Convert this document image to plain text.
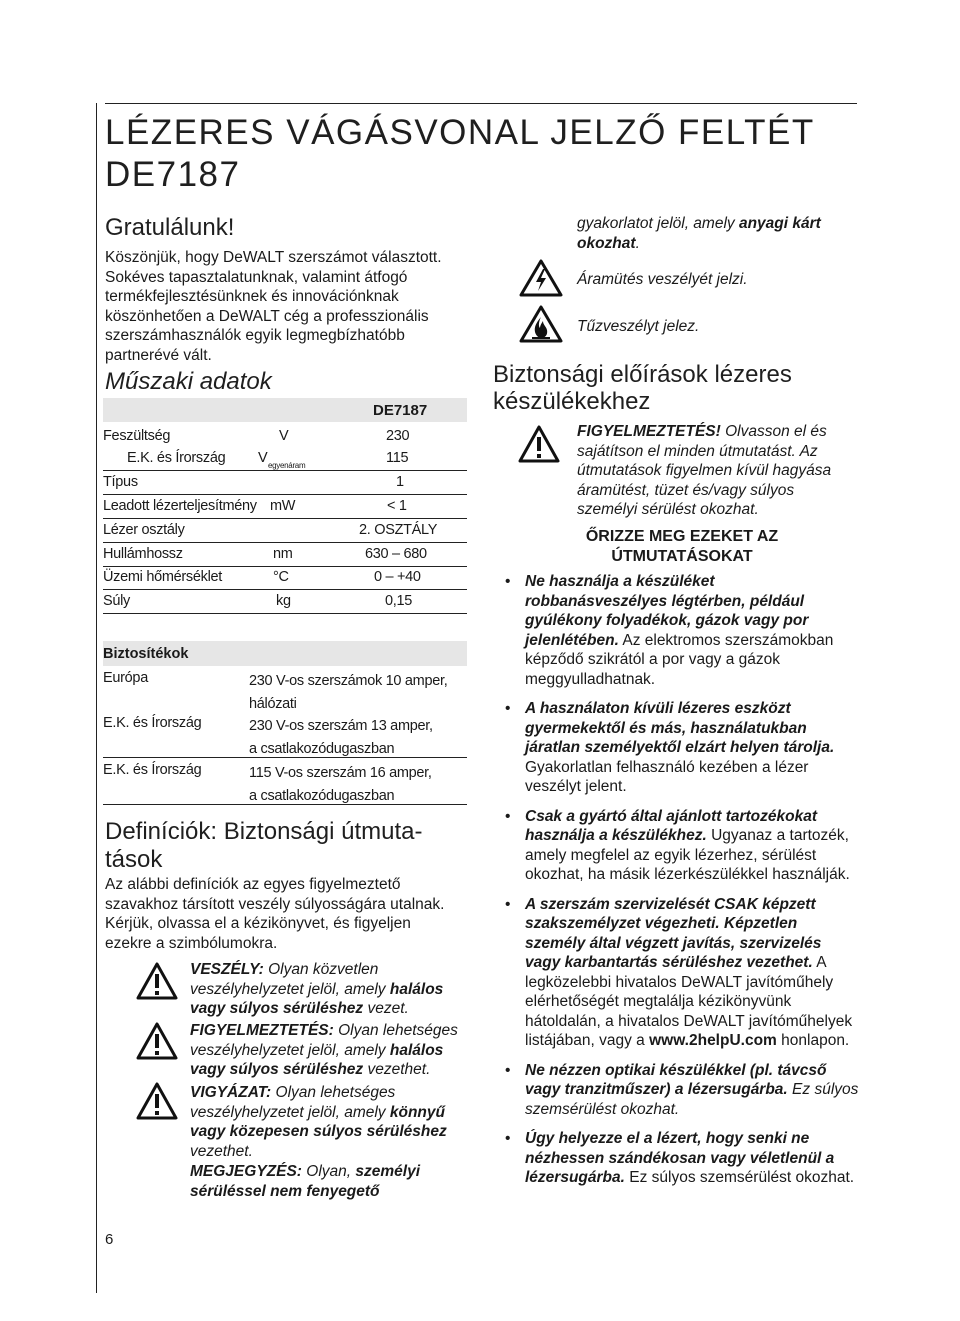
LÉZERES VÁGÁSVONAL JELZŐ FELTÉT
DE7187
Gratulálunk!
Köszönjük, hogy DeWALT szerszámot választott.
Sokéves tapasztalatunknak, valamint átfogó
termékfejlesztésünknek és innovációnknak
köszönhetően a DeWALT cég a professzionális
szerszámhasználók egyik legmegbízhatóbb
partnerévé vált.
Műszaki adatok
DE7187
Feszültség	V	230
E.K. és Írország V egyenáram	115
Típus	1
Leadott lézerteljesítmény mW	< 1
Lézer osztály	2. OSZTÁLY
Hullámhossz	nm	630 – 680
Üzemi hőmérséklet	°C	0 – +40
Súly	kg	0,15
Biztosítékok
Európa	230 V-os szerszámok 10 amper,
hálózati
E.K. és Írország	230 V-os szerszám 13 amper,
a csatlakozódugaszban
E.K. és Írország	115 V-os szerszám 16 amper,
a csatlakozódugaszban
Definíciók: Biztonsági útmuta-
tások
Az alábbi definíciók az egyes figyelmeztető
szavakhoz társított veszély súlyosságára utalnak.
Kérjük, olvassa el a kézikönyvet, és figyeljen
ezekre a szimbólumokra.
VESZÉLY: Olyan közvetlen
veszélyhelyzetet jelöl, amely halálos
vagy súlyos sérüléshez vezet.
FIGYELMEZTETÉS: Olyan lehetséges
veszélyhelyzetet jelöl, amely halálos
vagy súlyos sérüléshez vezethet.
VIGYÁZAT: Olyan lehetséges
veszélyhelyzetet jelöl, amely könnyű
vagy közepesen súlyos sérüléshez
vezethet.
MEGJEGYZÉS: Olyan, személyi
sérüléssel nem fenyegető
6
gyakorlatot jelöl, amely anyagi kárt
okozhat.
Áramütés veszélyét jelzi.
Tűzveszélyt jelez.
Biztonsági előírások lézeres
készülékekhez
FIGYELMEZTETÉS! Olvasson el és
sajátítson el minden útmutatást. Az
útmutatások figyelmen kívül hagyása
áramütést, tüzet és/vagy súlyos
személyi sérülést okozhat.
ŐRIZZE MEG EZEKET AZ
ÚTMUTATÁSOKAT
• Ne használja a készüléket robbanásveszélyes légtérben, például gyúlékony folyadékok, gázok vagy por jelenlétében. Az elektromos szerszámokban képződő szikrától a por vagy a gázok meggyulladhatnak.
• A használaton kívüli lézeres eszközt gyermekektől és más, használatukban járatlan személyektől elzárt helyen tárolja. Gyakorlatlan felhasználó kezében a lézer veszélyt jelent.
• Csak a gyártó által ajánlott tartozékokat használja a készülékhez. Ugyanaz a tartozék, amely megfelel az egyik lézerhez, sérülést okozhat, ha másik lézerkészülékkel használják.
• A szerszám szervizelését CSAK képzett szakszemélyzet végezheti. Képzetlen személy által végzett javítás, szervizelés vagy karbantartás sérüléshez vezethet. A legközelebbi hivatalos DeWALT javítóműhely elérhetőségét megtalálja kézikönyvünk hátoldalán, a hivatalos DeWALT javítóműhelyek listájában, vagy a www.2helpU.com honlapon.
• Ne nézzen optikai készülékkel (pl. távcső vagy tranzitműszer) a lézersugárba. Ez súlyos szemsérülést okozhat.
• Úgy helyezze el a lézert, hogy senki ne nézhessen szándékosan vagy véletlenül a lézersugárba. Ez súlyos szemsérülést okozhat.
